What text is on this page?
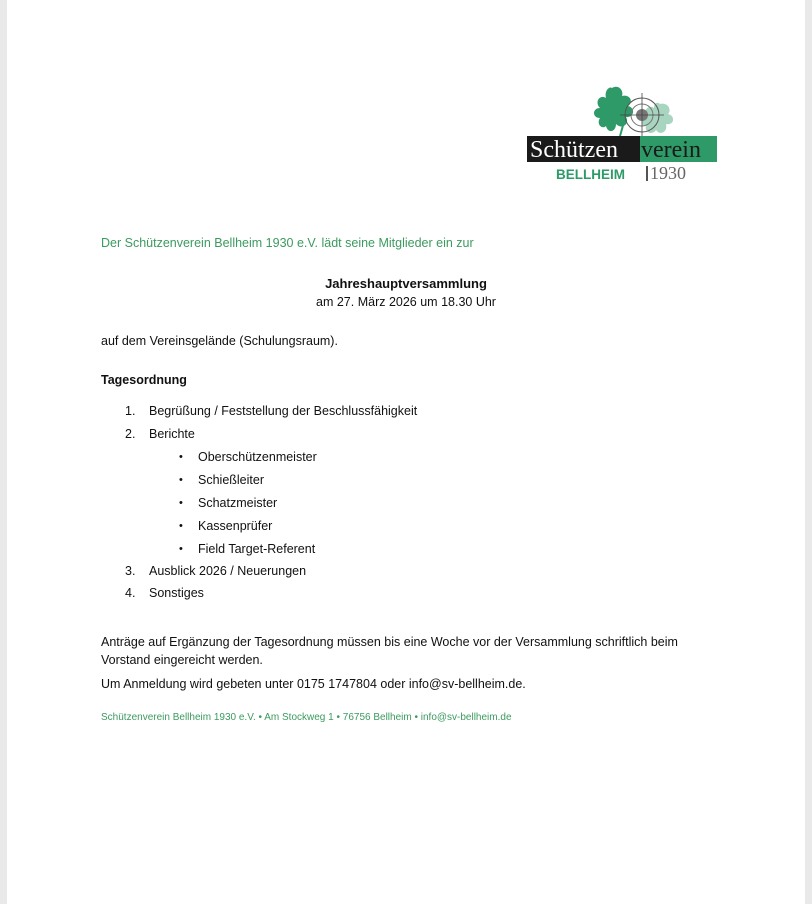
Schützen verein
BELLHEIM 1930
Der Schützenverein Bellheim 1930 e.V. lädt seine Mitglieder ein zur
Jahreshauptversammlung
am 27. März 2026 um 18.30 Uhr
auf dem Vereinsgelände (Schulungsraum).
Tagesordnung
1. Begrüßung / Feststellung der Beschlussfähigkeit
2. Berichte
• Oberschützenmeister
• Schießleiter
• Schatzmeister
• Kassenprüfer
• Field Target-Referent
3. Ausblick 2026 / Neuerungen
4. Sonstiges
Anträge auf Ergänzung der Tagesordnung müssen bis eine Woche vor der Versammlung schriftlich beim Vorstand eingereicht werden.
Um Anmeldung wird gebeten unter 0175 1747804 oder info@sv-bellheim.de.
Schützenverein Bellheim 1930 e.V. • Am Stockweg 1 • 76756 Bellheim • info@sv-bellheim.de
